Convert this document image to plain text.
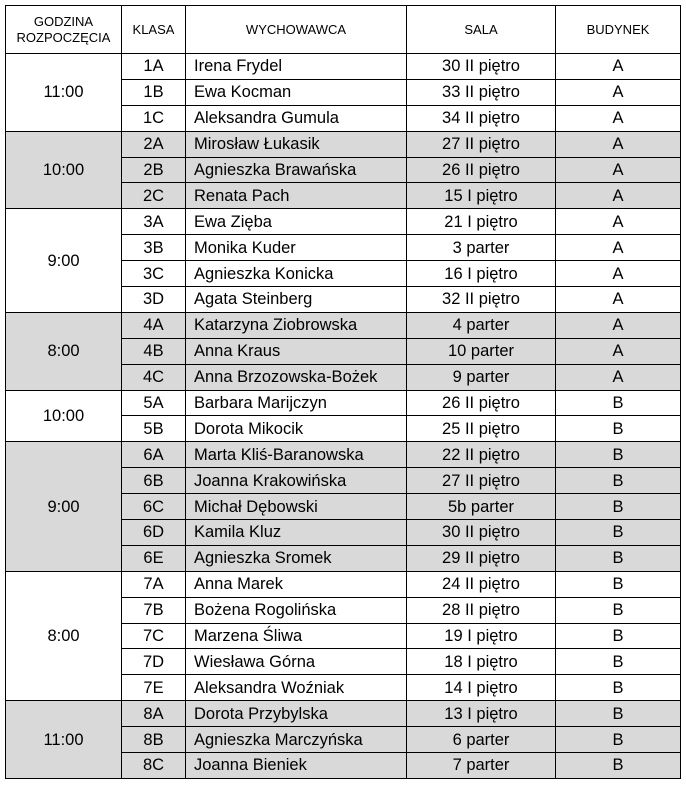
GODZINA
ROZPOCZĘCIA	KLASA	WYCHOWAWCA	SALA	BUDYNEK
11:00	1A	Irena Frydel	30 II piętro	A
	1B	Ewa Kocman	33 II piętro	A
	1C	Aleksandra Gumula	34 II piętro	A
10:00	2A	Mirosław Łukasik	27 II piętro	A
	2B	Agnieszka Brawańska	26 II piętro	A
	2C	Renata Pach	15 I piętro	A
9:00	3A	Ewa Zięba	21 I piętro	A
	3B	Monika Kuder	3 parter	A
	3C	Agnieszka Konicka	16 I piętro	A
	3D	Agata Steinberg	32 II piętro	A
8:00	4A	Katarzyna Ziobrowska	4 parter	A
	4B	Anna Kraus	10 parter	A
	4C	Anna Brzozowska-Bożek	9 parter	A
10:00	5A	Barbara Marijczyn	26 II piętro	B
	5B	Dorota Mikocik	25 II piętro	B
9:00	6A	Marta Kliś-Baranowska	22 II piętro	B
	6B	Joanna Krakowińska	27 II piętro	B
	6C	Michał Dębowski	5b parter	B
	6D	Kamila Kluz	30 II piętro	B
	6E	Agnieszka Sromek	29 II piętro	B
8:00	7A	Anna Marek	24 II piętro	B
	7B	Bożena Rogolińska	28 II piętro	B
	7C	Marzena Śliwa	19 I piętro	B
	7D	Wiesława Górna	18 I piętro	B
	7E	Aleksandra Woźniak	14 I piętro	B
11:00	8A	Dorota Przybylska	13 I piętro	B
	8B	Agnieszka Marczyńska	6 parter	B
	8C	Joanna Bieniek	7 parter	B
